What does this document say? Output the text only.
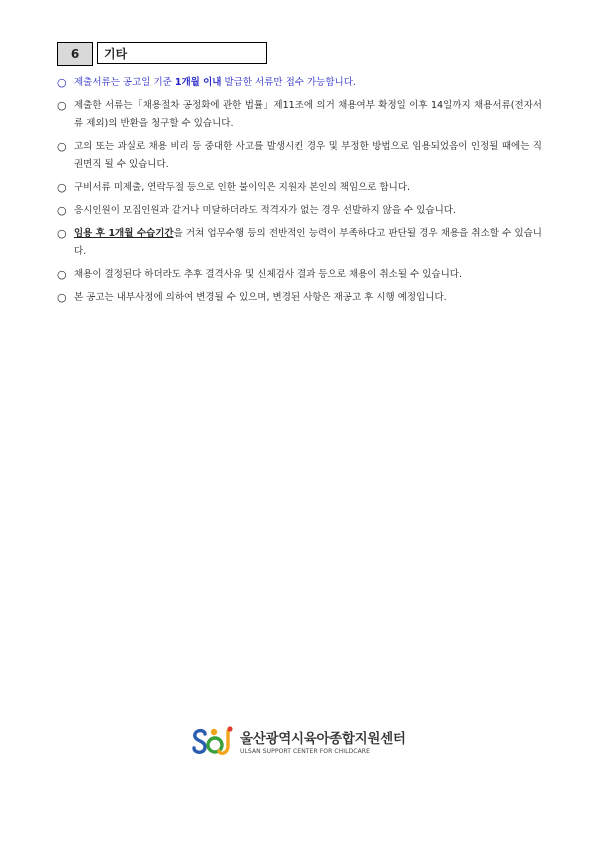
6	기타
○ 제출서류는 공고일 기준 1개월 이내 발급한 서류만 접수 가능합니다.
○ 제출한 서류는「채용절차 공정화에 관한 법률」제11조에 의거 채용여부 확정일 이후 14일까지 채용서류(전자서류 제외)의 반환을 청구할 수 있습니다.
○ 고의 또는 과실로 채용 비리 등 중대한 사고를 발생시킨 경우 및 부정한 방법으로 임용되었음이 인정될 때에는 직권면직 될 수 있습니다.
○ 구비서류 미제출, 연락두절 등으로 인한 불이익은 지원자 본인의 책임으로 합니다.
○ 응시인원이 모집인원과 같거나 미달하더라도 적격자가 없는 경우 선발하지 않을 수 있습니다.
○ 임용 후 1개월 수습기간을 거쳐 업무수행 등의 전반적인 능력이 부족하다고 판단될 경우 채용을 취소할 수 있습니다.
○ 채용이 결정된다 하더라도 추후 결격사유 및 신체검사 결과 등으로 채용이 취소될 수 있습니다.
○ 본 공고는 내부사정에 의하여 변경될 수 있으며, 변경된 사항은 재공고 후 시행 예정입니다.
울산광역시육아종합지원센터
ULSAN SUPPORT CENTER FOR CHILDCARE
